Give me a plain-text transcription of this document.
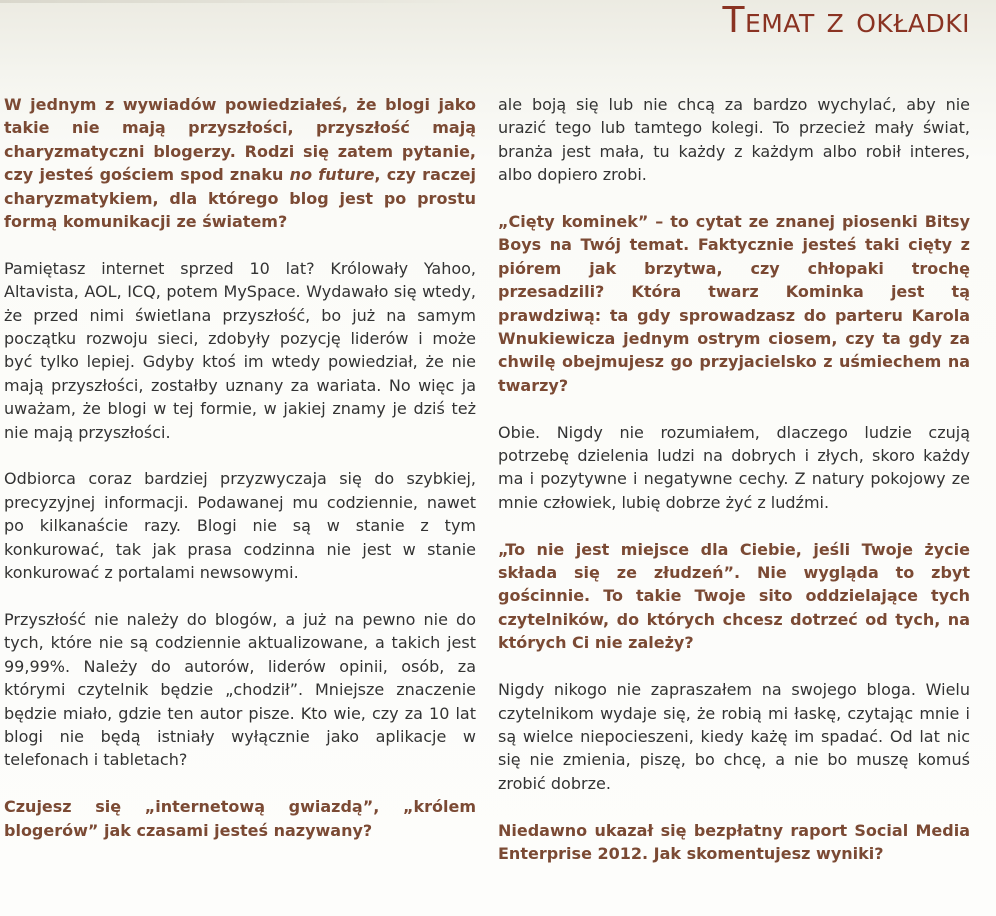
Temat z okładki

W jednym z wywiadów powiedziałeś, że blogi jako takie nie mają przyszłości, przyszłość mają charyzmatyczni blogerzy. Rodzi się zatem pytanie, czy jesteś gościem spod znaku no future, czy raczej charyzmatykiem, dla którego blog jest po prostu formą komunikacji ze światem?

Pamiętasz internet sprzed 10 lat? Królowały Yahoo, Altavista, AOL, ICQ, potem MySpace. Wydawało się wtedy, że przed nimi świetlana przyszłość, bo już na samym początku rozwoju sieci, zdobyły pozycję liderów i może być tylko lepiej. Gdyby ktoś im wtedy powiedział, że nie mają przyszłości, zostałby uznany za wariata. No więc ja uważam, że blogi w tej formie, w jakiej znamy je dziś też nie mają przyszłości.

Odbiorca coraz bardziej przyzwyczaja się do szybkiej, precyzyjnej informacji. Podawanej mu codziennie, nawet po kilkanaście razy. Blogi nie są w stanie z tym konkurować, tak jak prasa codzinna nie jest w stanie konkurować z portalami newsowymi.

Przyszłość nie należy do blogów, a już na pewno nie do tych, które nie są codziennie aktualizowane, a takich jest 99,99%. Należy do autorów, liderów opinii, osób, za którymi czytelnik będzie „chodził”. Mniejsze znaczenie będzie miało, gdzie ten autor pisze. Kto wie, czy za 10 lat blogi nie będą istniały wyłącznie jako aplikacje w telefonach i tabletach?

Czujesz się „internetową gwiazdą”, „królem blogerów” jak czasami jesteś nazywany?

ale boją się lub nie chcą za bardzo wychylać, aby nie urazić tego lub tamtego kolegi. To przecież mały świat, branża jest mała, tu każdy z każdym albo robił interes, albo dopiero zrobi.

„Cięty kominek” – to cytat ze znanej piosenki Bitsy Boys na Twój temat. Faktycznie jesteś taki cięty z piórem jak brzytwa, czy chłopaki trochę przesadzili? Która twarz Kominka jest tą prawdziwą: ta gdy sprowadzasz do parteru Karola Wnukiewicza jednym ostrym ciosem, czy ta gdy za chwilę obejmujesz go przyjacielsko z uśmiechem na twarzy?

Obie. Nigdy nie rozumiałem, dlaczego ludzie czują potrzebę dzielenia ludzi na dobrych i złych, skoro każdy ma i pozytywne i negatywne cechy. Z natury pokojowy ze mnie człowiek, lubię dobrze żyć z ludźmi.

„To nie jest miejsce dla Ciebie, jeśli Twoje życie składa się ze złudzeń”. Nie wygląda to zbyt gościnnie. To takie Twoje sito oddzielające tych czytelników, do których chcesz dotrzeć od tych, na których Ci nie zależy?

Nigdy nikogo nie zapraszałem na swojego bloga. Wielu czytelnikom wydaje się, że robią mi łaskę, czytając mnie i są wielce niepocieszeni, kiedy każę im spadać. Od lat nic się nie zmienia, piszę, bo chcę, a nie bo muszę komuś zrobić dobrze.

Niedawno ukazał się bezpłatny raport Social Media Enterprise 2012. Jak skomentujesz wyniki?
